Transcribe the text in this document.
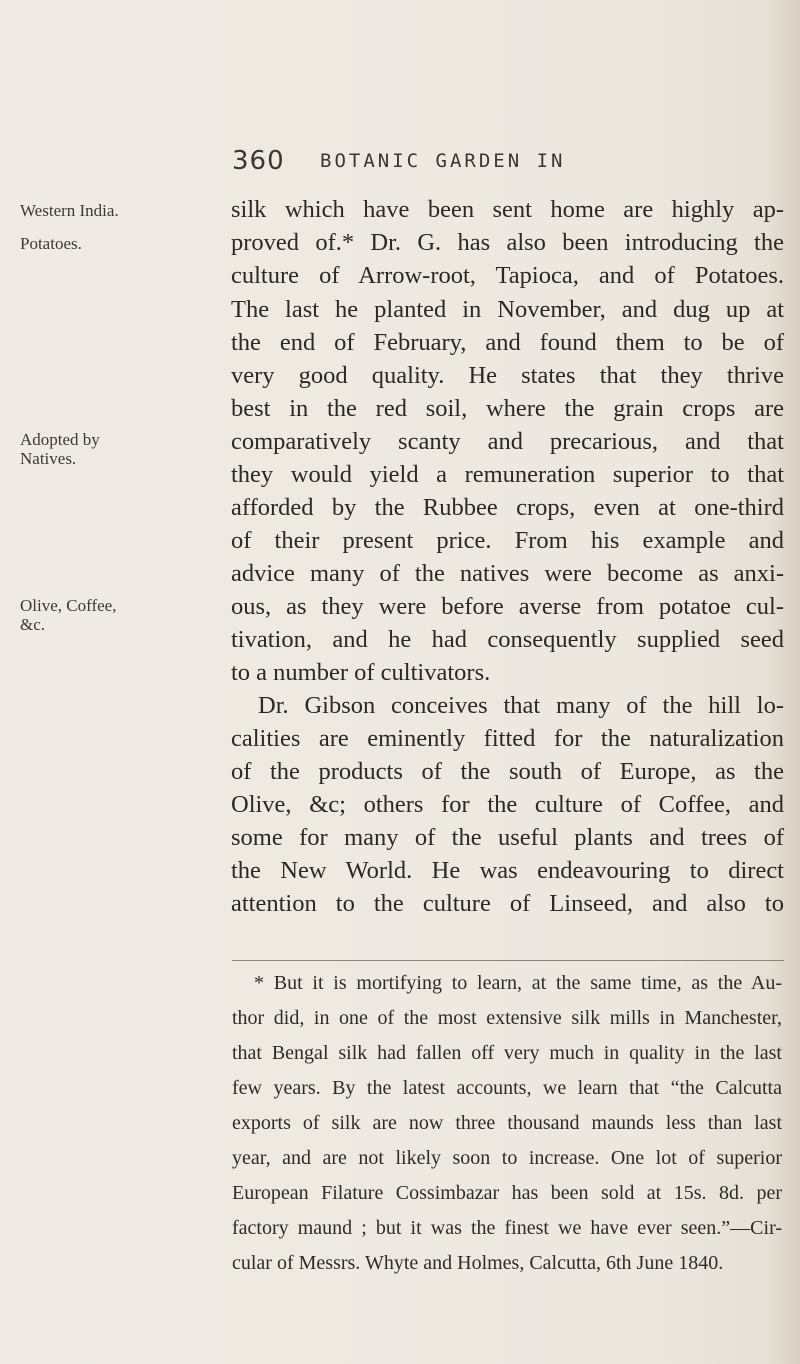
360 BOTANIC GARDEN IN
Western India.
Potatoes.
Adopted by
Natives.
Olive, Coffee,
&c.
silk which have been sent home are highly ap-
proved of.* Dr. G. has also been introducing the
culture of Arrow-root, Tapioca, and of Potatoes.
The last he planted in November, and dug up at
the end of February, and found them to be of
very good quality. He states that they thrive
best in the red soil, where the grain crops are
comparatively scanty and precarious, and that
they would yield a remuneration superior to that
afforded by the Rubbee crops, even at one-third
of their present price. From his example and
advice many of the natives were become as anxi-
ous, as they were before averse from potatoe cul-
tivation, and he had consequently supplied seed
to a number of cultivators.
Dr. Gibson conceives that many of the hill lo-
calities are eminently fitted for the naturalization
of the products of the south of Europe, as the
Olive, &c; others for the culture of Coffee, and
some for many of the useful plants and trees of
the New World. He was endeavouring to direct
attention to the culture of Linseed, and also to
* But it is mortifying to learn, at the same time, as the Au-
thor did, in one of the most extensive silk mills in Manchester,
that Bengal silk had fallen off very much in quality in the last
few years. By the latest accounts, we learn that “the Calcutta
exports of silk are now three thousand maunds less than last
year, and are not likely soon to increase. One lot of superior
European Filature Cossimbazar has been sold at 15s. 8d. per
factory maund ; but it was the finest we have ever seen.”—Cir-
cular of Messrs. Whyte and Holmes, Calcutta, 6th June 1840.
